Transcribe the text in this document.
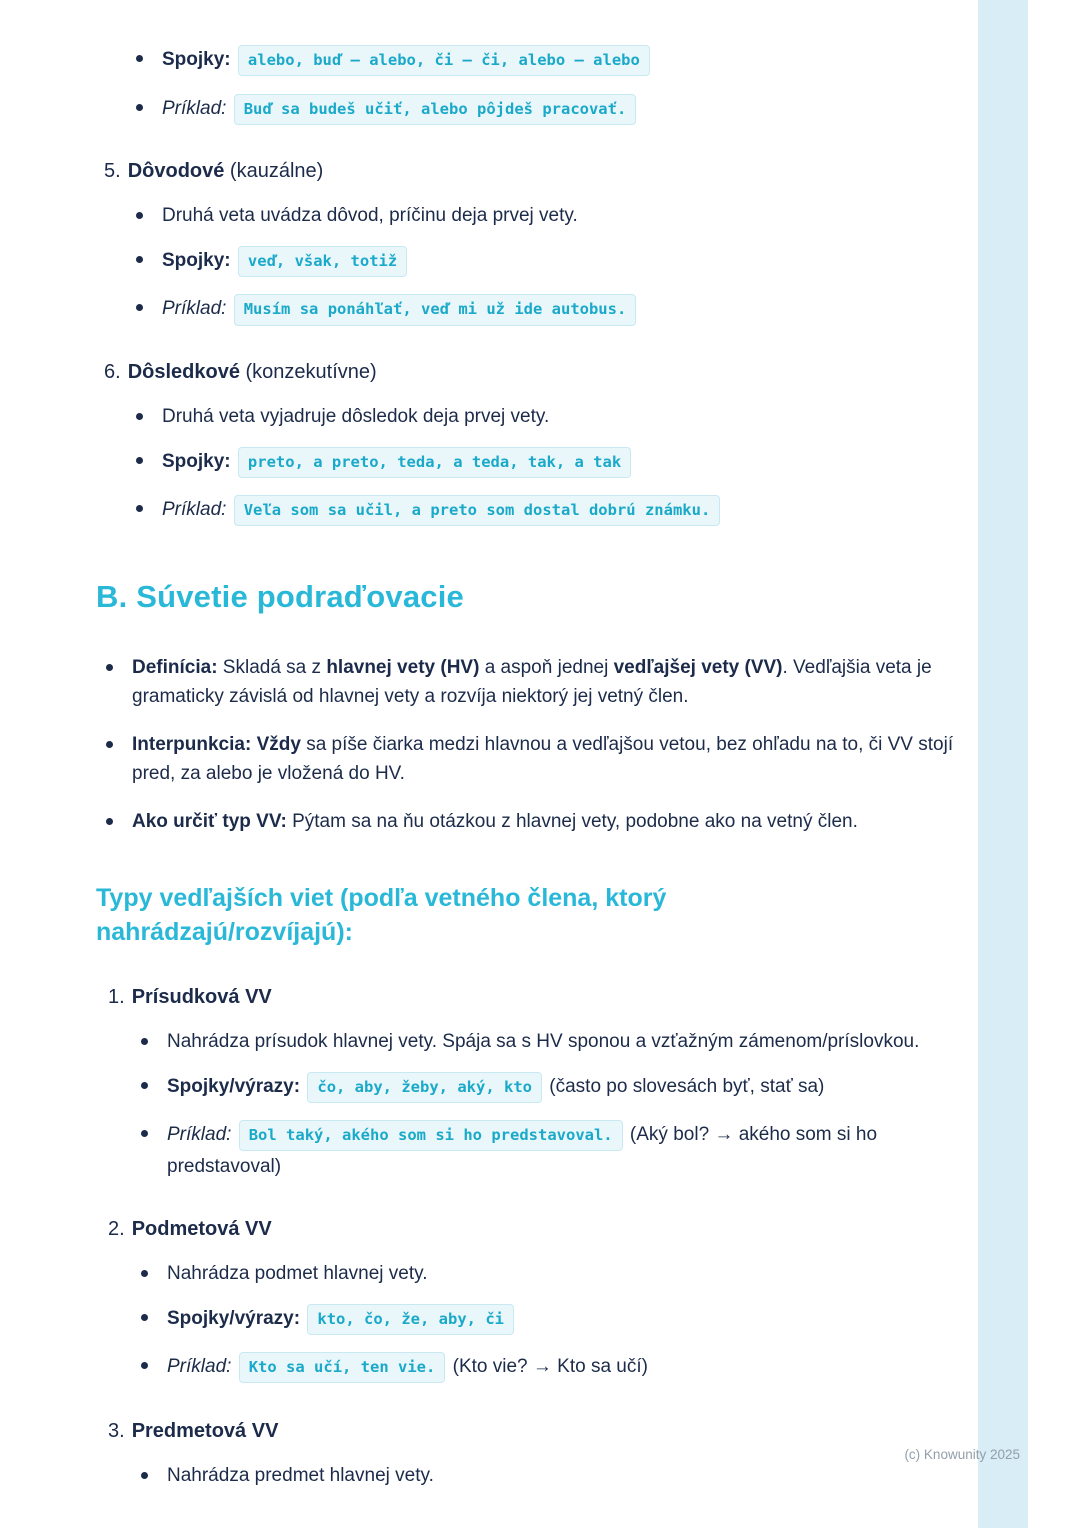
Spojky: alebo, buď – alebo, či – či, alebo – alebo

Príklad: Buď sa budeš učiť, alebo pôjdeš pracovať.

5. Dôvodové (kauzálne)

Druhá veta uvádza dôvod, príčinu deja prvej vety.

Spojky: veď, však, totiž

Príklad: Musím sa ponáhľať, veď mi už ide autobus.

6. Dôsledkové (konzekutívne)

Druhá veta vyjadruje dôsledok deja prvej vety.

Spojky: preto, a preto, teda, a teda, tak, a tak

Príklad: Veľa som sa učil, a preto som dostal dobrú známku.

B. Súvetie podraďovacie

Definícia: Skladá sa z hlavnej vety (HV) a aspoň jednej vedľajšej vety (VV). Vedľajšia veta je gramaticky závislá od hlavnej vety a rozvíja niektorý jej vetný člen.

Interpunkcia: Vždy sa píše čiarka medzi hlavnou a vedľajšou vetou, bez ohľadu na to, či VV stojí pred, za alebo je vložená do HV.

Ako určiť typ VV: Pýtam sa na ňu otázkou z hlavnej vety, podobne ako na vetný člen.

Typy vedľajších viet (podľa vetného člena, ktorý nahrádzajú/rozvíjajú):

1. Prísudková VV

Nahrádza prísudok hlavnej vety. Spája sa s HV sponou a vzťažným zámenom/príslovkou.

Spojky/výrazy: čo, aby, žeby, aký, kto (často po slovesách byť, stať sa)

Príklad: Bol taký, akého som si ho predstavoval. (Aký bol? → akého som si ho predstavoval)

2. Podmetová VV

Nahrádza podmet hlavnej vety.

Spojky/výrazy: kto, čo, že, aby, či

Príklad: Kto sa učí, ten vie. (Kto vie? → Kto sa učí)

3. Predmetová VV

Nahrádza predmet hlavnej vety.

(c) Knowunity 2025
